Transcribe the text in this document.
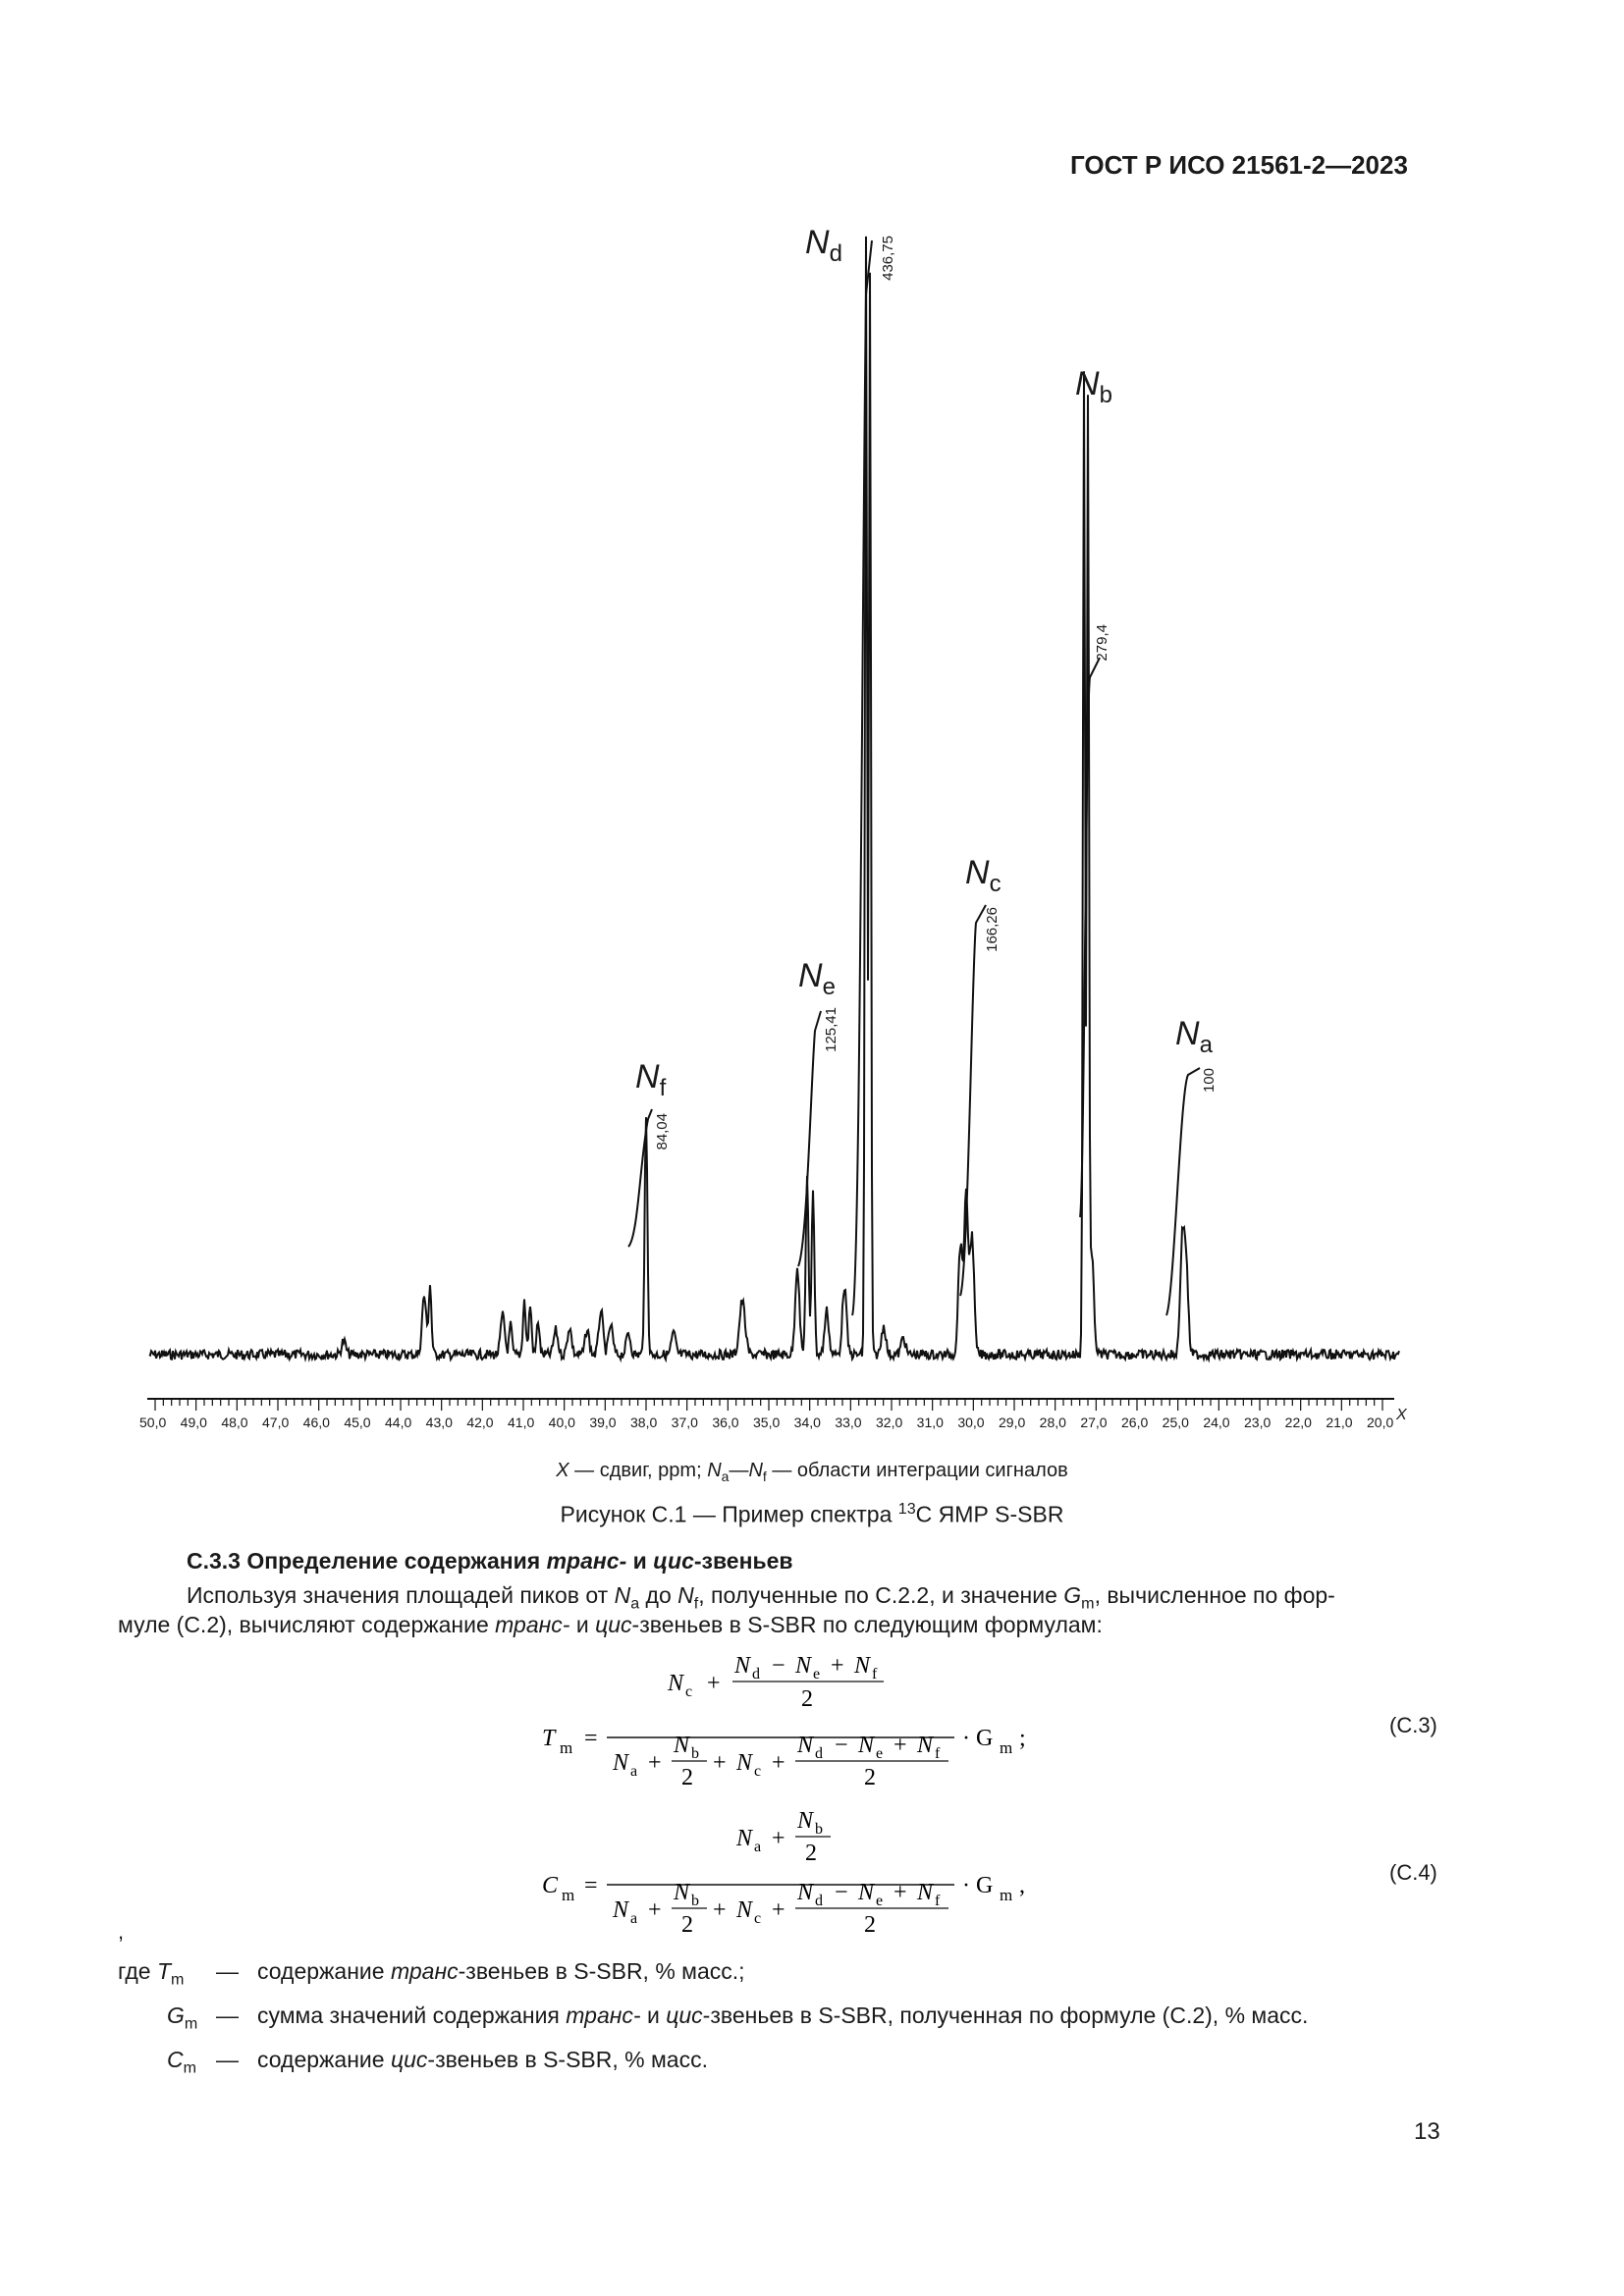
ГОСТ Р ИСО 21561-2—2023
$N_d$	436,75
$N_b$
279,4
$N_c$
166,26
$N_e$
125,41	$N_a$
100
$N_f$
84,04
50,0 49,0 48,0 47,0 46,0 45,0 44,0 43,0 42,0 41,0 40,0 39,0 38,0 37,0 36,0 35,0 34,0 33,0 32,0 31,0 30,0 29,0 28,0 27,0 26,0 25,0 24,0 23,0 22,0 21,0 20,0 X
X — сдвиг, ppm; $N_a—N_f$ — области интеграции сигналов
Рисунок С.1 — Пример спектра $^{13}$С ЯМР S-SBR
С.3.3 Определение содержания транс- и цис-звеньев
Используя значения площадей пиков от $N_a$ до $N_f$, полученные по С.2.2, и значение $G_m$, вычисленное по фор-
муле (С.2), вычисляют содержание транс- и цис-звеньев в S-SBR по следующим формулам:
T m =
N c +
N d − N e + N f
2
N a +
N b
2
+ N c +
N d − N e + N f
2
· G m ;
(С.3)
C m =
N a +
N b
2
N a +
N b
2
+ N c +
N d − N e + N f
2
· G m ,
(С.4)
,
где $T_m$ — содержание транс-звеньев в S-SBR, % масс.;
$G_m$ — сумма значений содержания транс- и цис-звеньев в S-SBR, полученная по формуле (С.2), % масс.
$C_m$ — содержание цис-звеньев в S-SBR, % масс.
13
